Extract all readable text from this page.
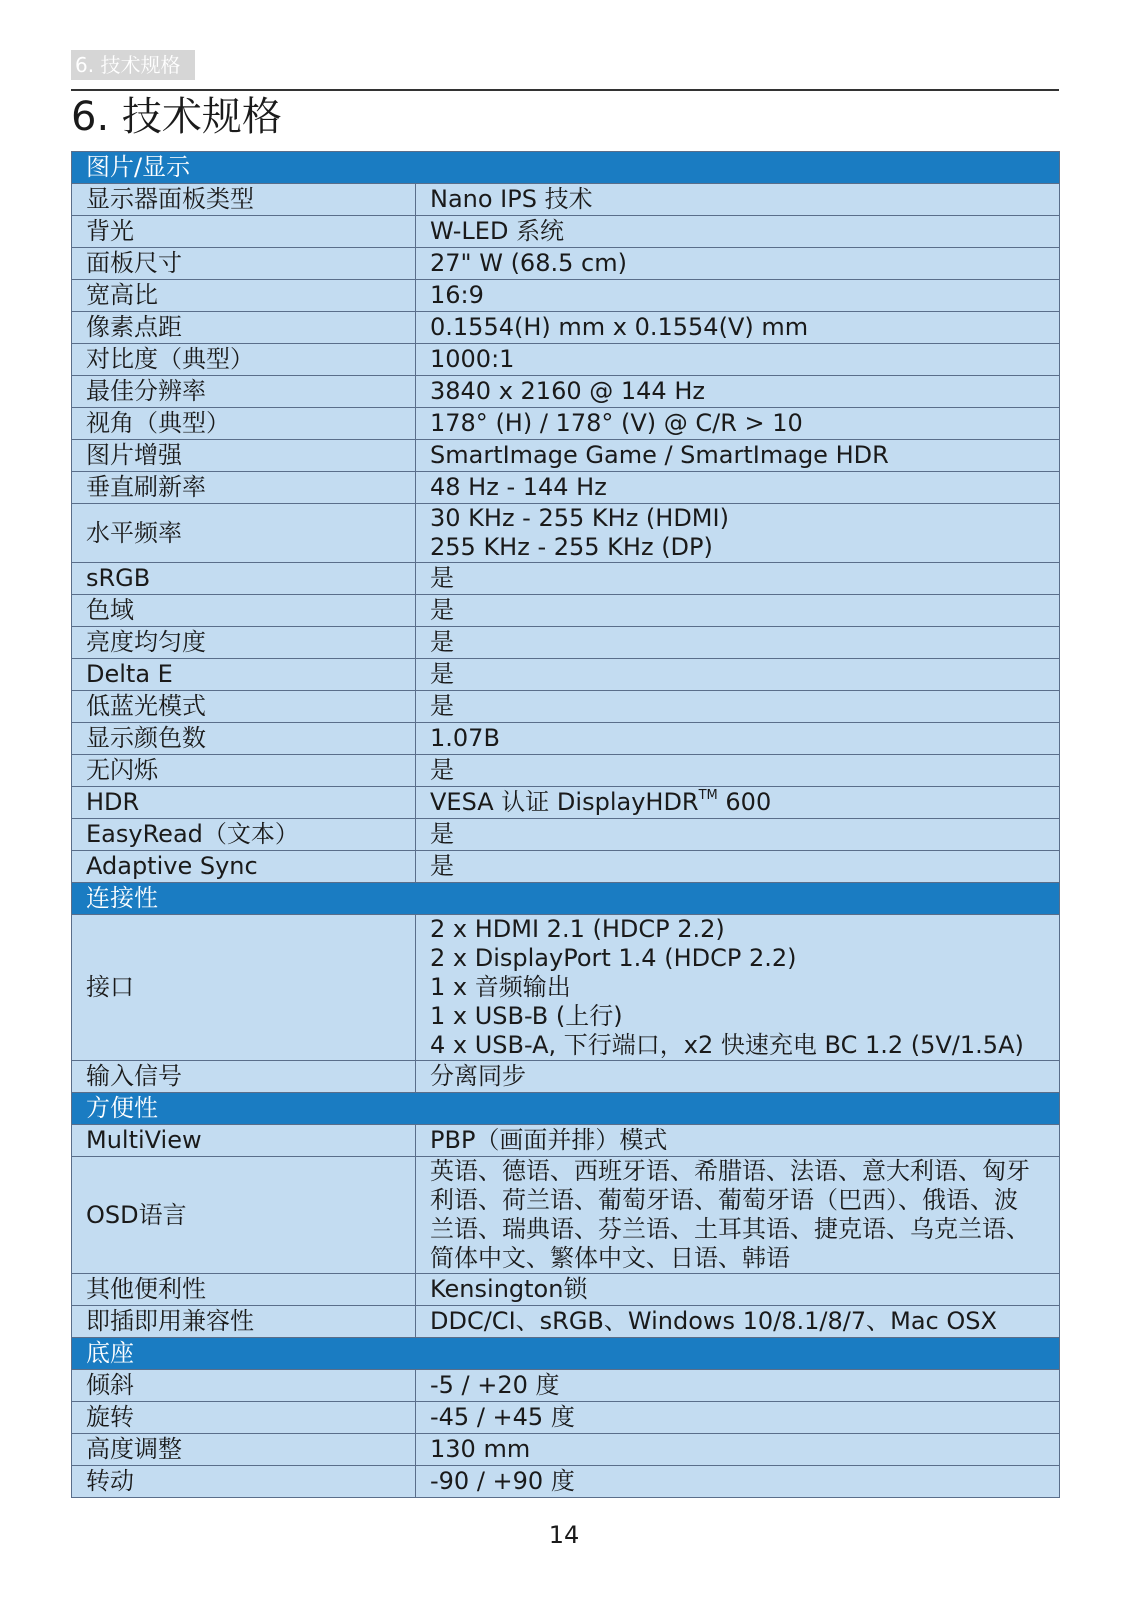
6. 技术规格
6. 技术规格
图片/显示	
显示器面板类型	Nano IPS 技术
背光	W-LED 系统
面板尺寸	27" W (68.5 cm)
宽高比	16:9
像素点距	0.1554(H) mm x 0.1554(V) mm
对比度（典型）	1000:1
最佳分辨率	3840 x 2160 @ 144 Hz
视角（典型）	178° (H) / 178° (V) @ C/R > 10
图片增强	SmartImage Game / SmartImage HDR
垂直刷新率	48 Hz - 144 Hz
水平频率	30 KHz - 255 KHz (HDMI)
255 KHz - 255 KHz (DP)

sRGB	是
色域	是
亮度均匀度	是
Delta E	是
低蓝光模式	是
显示颜色数	1.07B
无闪烁	是
HDR	VESA 认证 DisplayHDR™ 600
EasyRead（文本）	是
Adaptive Sync	是
连接性	
接口	2 x HDMI 2.1 (HDCP 2.2)
2 x DisplayPort 1.4 (HDCP 2.2)
1 x 音频输出
1 x USB-B (上行)
4 x USB-A, 下行端口，x2 快速充电 BC 1.2 (5V/1.5A)

输入信号	分离同步
方便性	
MultiView	PBP（画面并排）模式
OSD语言	英语、德语、西班牙语、希腊语、法语、意大利语、匈牙
利语、荷兰语、葡萄牙语、葡萄牙语（巴西）、俄语、波
兰语、瑞典语、芬兰语、土耳其语、捷克语、乌克兰语、
简体中文、繁体中文、日语、韩语

其他便利性	Kensington锁
即插即用兼容性	DDC/CI、sRGB、Windows 10/8.1/8/7、Mac OSX
底座	
倾斜	-5 / +20 度
旋转	-45 / +45 度
高度调整	130 mm
转动	-90 / +90 度
14
